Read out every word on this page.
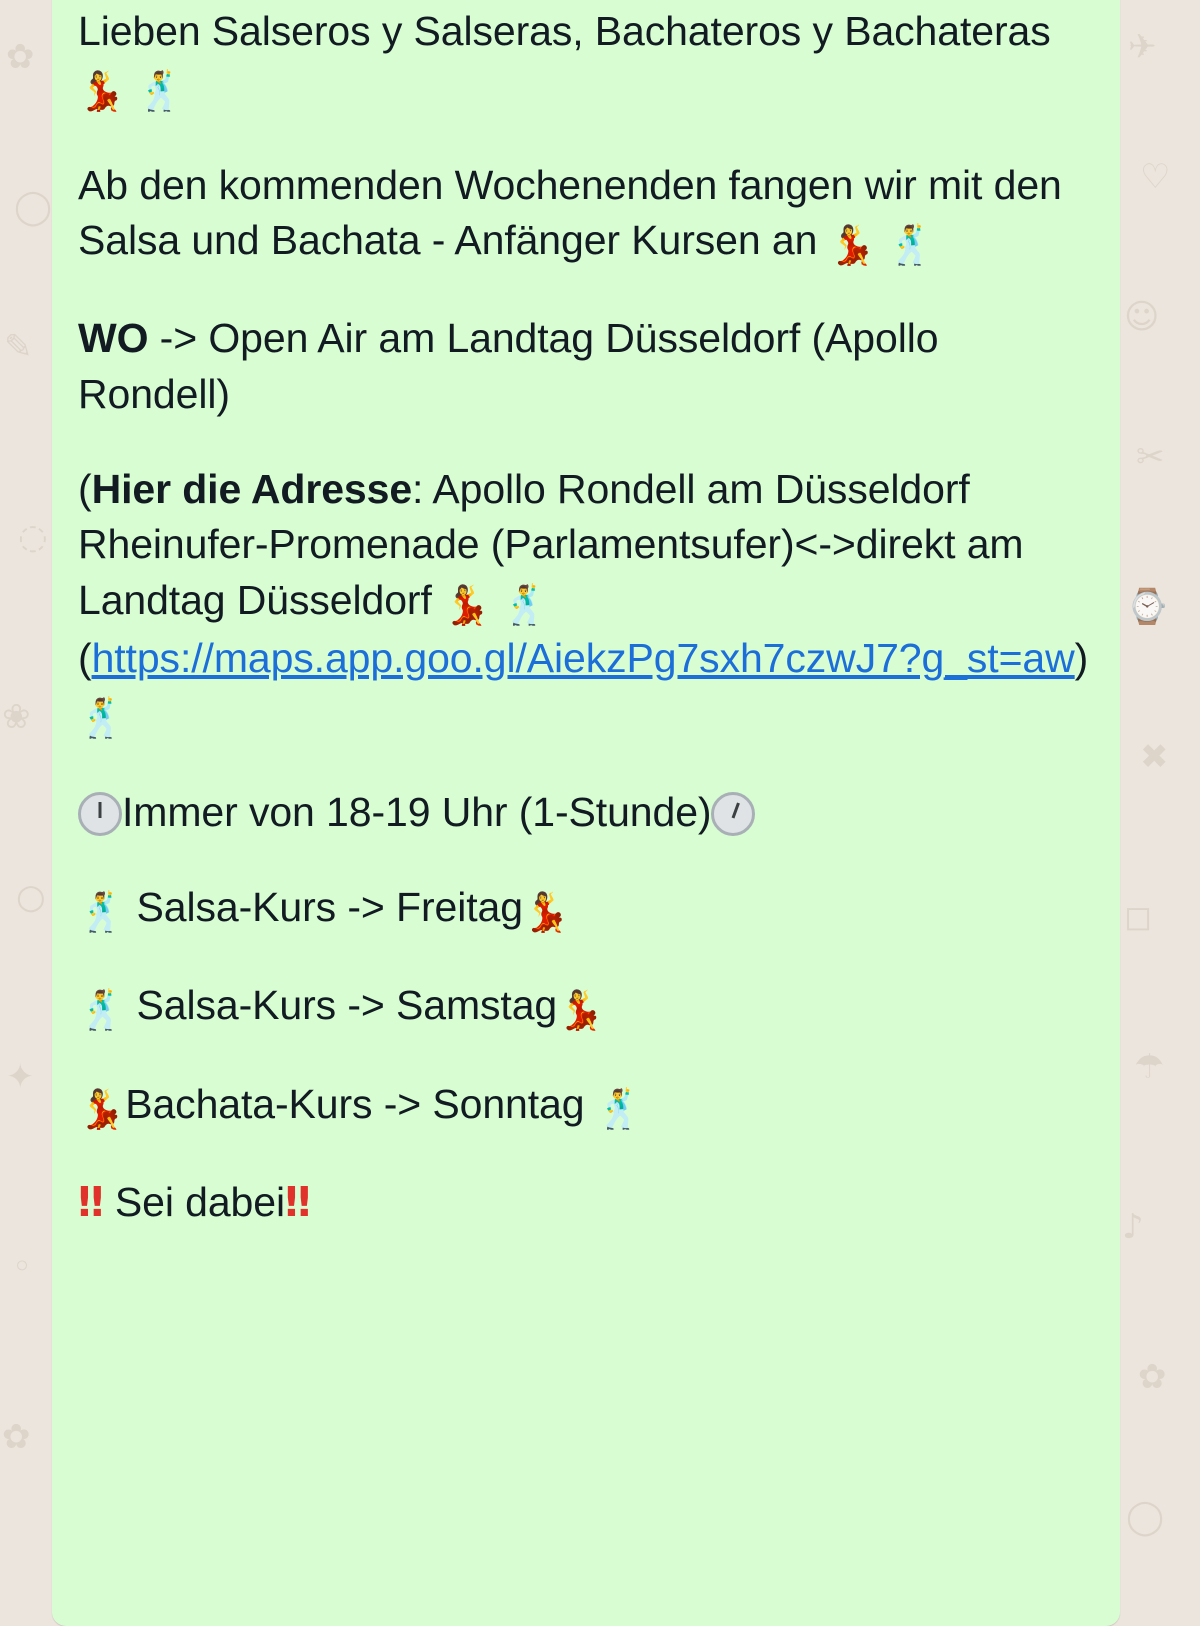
✿
◯
✎
◌
❀
○
✦
◦
✿
✈
♡
☺
✂
⌚
✖
◻
☂
♪
✿
◯

Lieben Salseros y Salseras, Bachateros y Bachateras 💃 🕺

Ab den kommenden Wochenenden fangen wir mit den Salsa und Bachata - Anfänger Kursen an 💃 🕺

WO -> Open Air am Landtag Düsseldorf (Apollo Rondell)

(Hier die Adresse: Apollo Rondell am Düsseldorf Rheinufer-Promenade (Parlamentsufer)<->direkt am Landtag Düsseldorf 💃 🕺 (https://maps.app.goo.gl/AiekzPg7sxh7czwJ7?g_st=aw) 🕺

Immer von 18-19 Uhr (1-Stunde)

🕺 Salsa-Kurs -> Freitag💃

🕺 Salsa-Kurs -> Samstag💃

💃Bachata-Kurs -> Sonntag 🕺

‼ Sei dabei‼
